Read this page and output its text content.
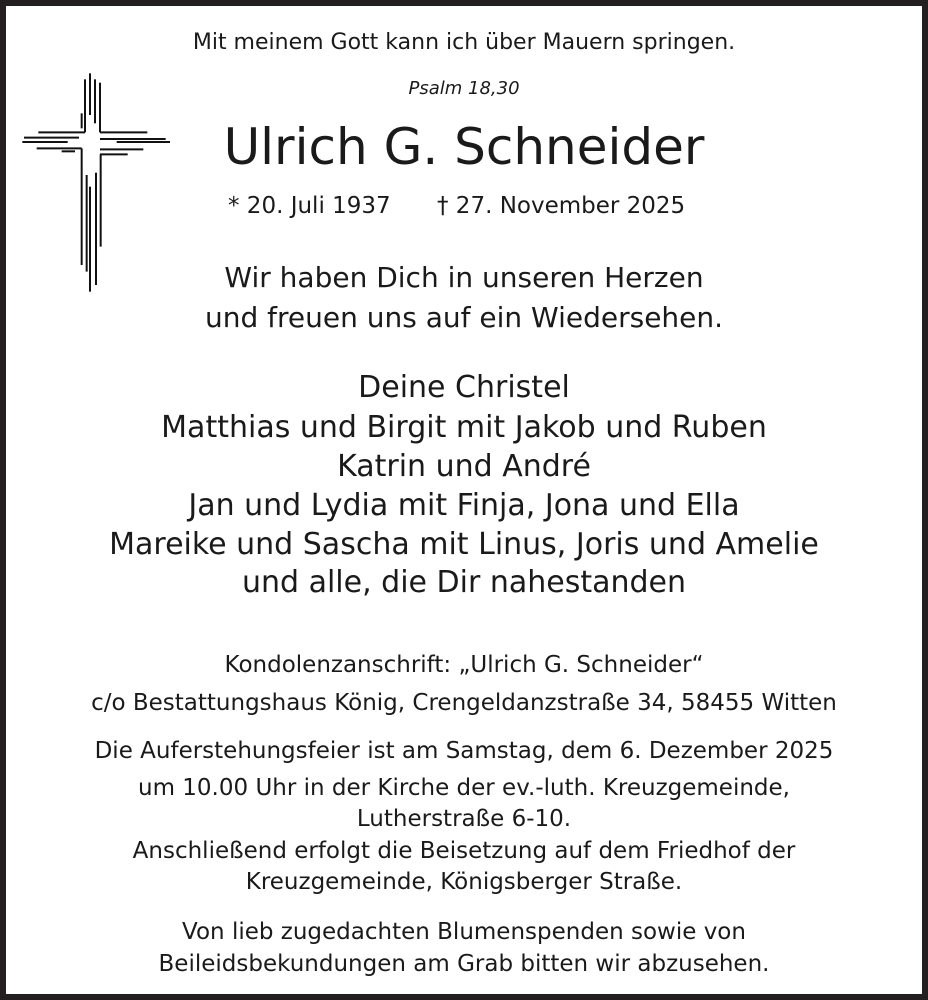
Mit meinem Gott kann ich über Mauern springen.
Psalm 18,30
Ulrich G. Schneider
* 20. Juli 1937 † 27. November 2025
Wir haben Dich in unseren Herzen
und freuen uns auf ein Wiedersehen.
Deine Christel
Matthias und Birgit mit Jakob und Ruben
Katrin und André
Jan und Lydia mit Finja, Jona und Ella
Mareike und Sascha mit Linus, Joris und Amelie
und alle, die Dir nahestanden
Kondolenzanschrift: „Ulrich G. Schneider“
c/o Bestattungshaus König, Crengeldanzstraße 34, 58455 Witten
Die Auferstehungsfeier ist am Samstag, dem 6. Dezember 2025
um 10.00 Uhr in der Kirche der ev.-luth. Kreuzgemeinde,
Lutherstraße 6-10.
Anschließend erfolgt die Beisetzung auf dem Friedhof der
Kreuzgemeinde, Königsberger Straße.
Von lieb zugedachten Blumenspenden sowie von
Beileidsbekundungen am Grab bitten wir abzusehen.
